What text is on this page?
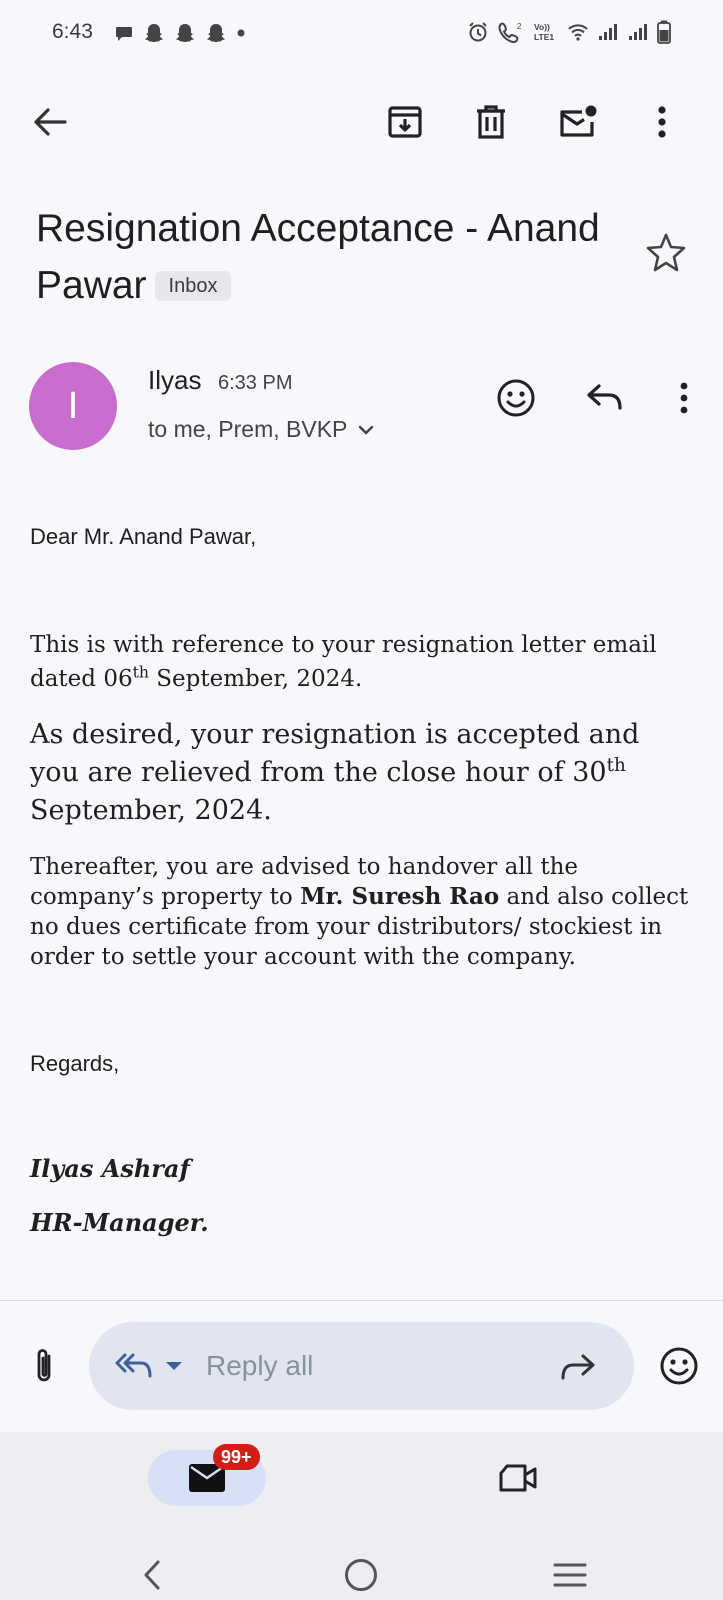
6:43	2 Vo))
LTE1
Resignation Acceptance - Anand Pawar Inbox
I
Ilyas 6:33 PM
to me, Prem, BVKP
Dear Mr. Anand Pawar,
This is with reference to your resignation letter email dated 06th September, 2024.
As desired, your resignation is accepted and you are relieved from the close hour of 30th September, 2024.
Thereafter, you are advised to handover all the company’s property to Mr. Suresh Rao and also collect no dues certificate from your distributors/ stockiest in order to settle your account with the company.
Regards,
Ilyas Ashraf
HR-Manager.
Reply all
99+
